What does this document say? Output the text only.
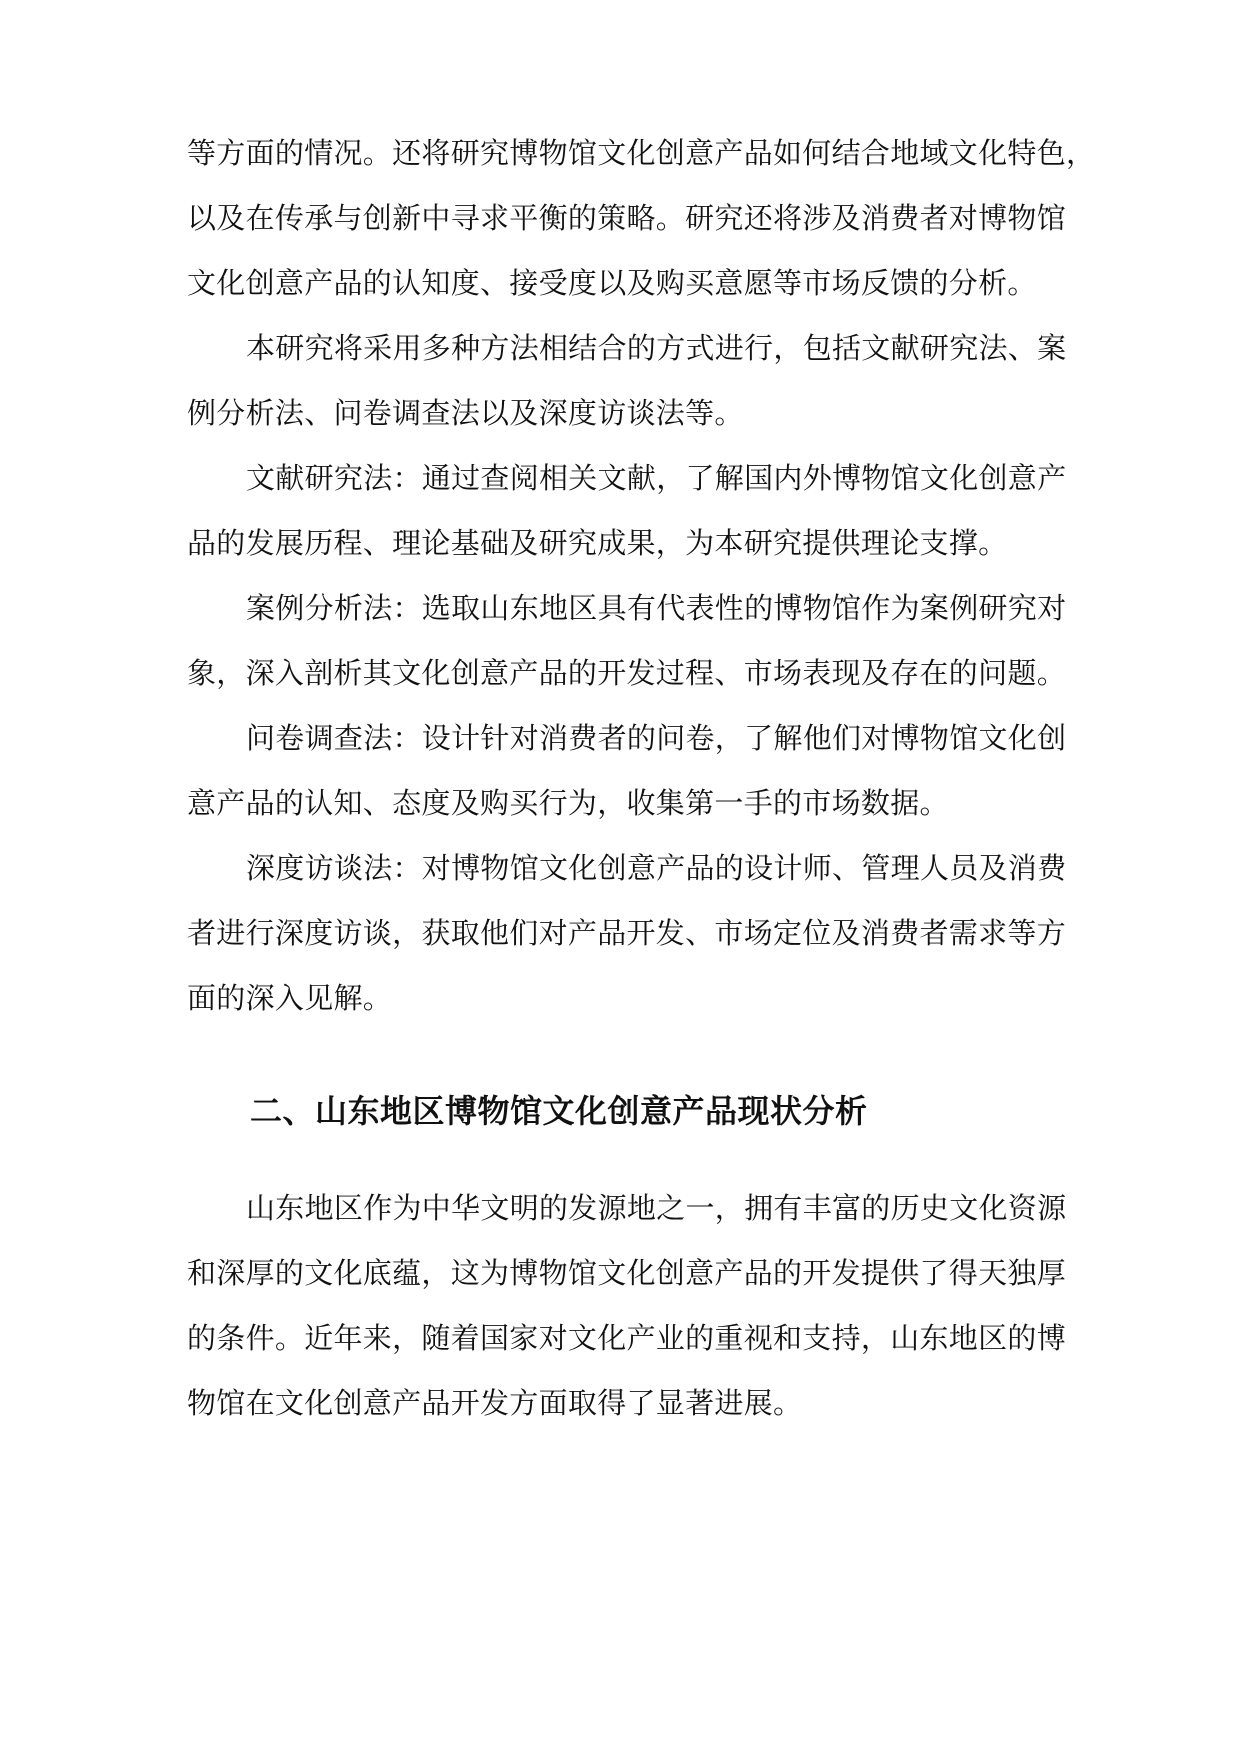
等方面的情况。还将研究博物馆文化创意产品如何结合地域文化特色，
以及在传承与创新中寻求平衡的策略。研究还将涉及消费者对博物馆
文化创意产品的认知度、接受度以及购买意愿等市场反馈的分析。
本研究将采用多种方法相结合的方式进行，包括文献研究法、案
例分析法、问卷调查法以及深度访谈法等。
文献研究法：通过查阅相关文献，了解国内外博物馆文化创意产
品的发展历程、理论基础及研究成果，为本研究提供理论支撑。
案例分析法：选取山东地区具有代表性的博物馆作为案例研究对
象，深入剖析其文化创意产品的开发过程、市场表现及存在的问题。
问卷调查法：设计针对消费者的问卷，了解他们对博物馆文化创
意产品的认知、态度及购买行为，收集第一手的市场数据。
深度访谈法：对博物馆文化创意产品的设计师、管理人员及消费
者进行深度访谈，获取他们对产品开发、市场定位及消费者需求等方
面的深入见解。
二、山东地区博物馆文化创意产品现状分析
山东地区作为中华文明的发源地之一，拥有丰富的历史文化资源
和深厚的文化底蕴，这为博物馆文化创意产品的开发提供了得天独厚
的条件。近年来，随着国家对文化产业的重视和支持，山东地区的博
物馆在文化创意产品开发方面取得了显著进展。
